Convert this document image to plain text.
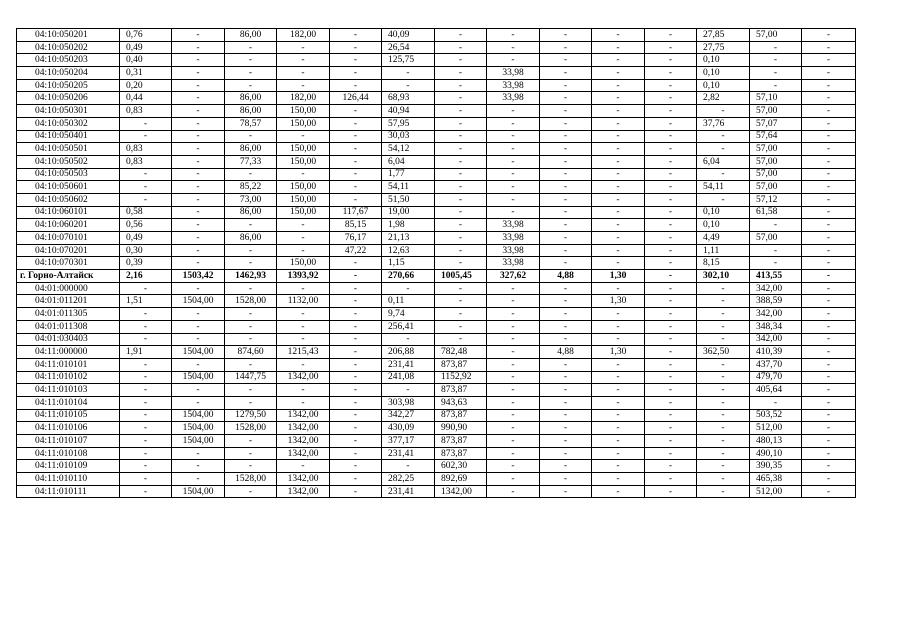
04:10:050201	0,76	-	86,00	182,00	-	40,09	-	-	-	-	-	27,85	57,00	-
04:10:050202	0,49	-	-	-	-	26,54	-	-	-	-	-	27,75	-	-
04:10:050203	0,40	-	-	-	-	125,75	-	-	-	-	-	0,10	-	-
04:10:050204	0,31	-	-	-	-	-	-	33,98	-	-	-	0,10	-	-
04:10:050205	0,20	-	-	-	-	-	-	33,98	-	-	-	0,10	-	-
04:10:050206	0,44	-	86,00	182,00	126,44	68,93	-	33,98	-	-	-	2,82	57,10	-
04:10:050301	0,83	-	86,00	150,00	-	40,94	-	-	-	-	-	-	57,00	-
04:10:050302	-	-	78,57	150,00	-	57,95	-	-	-	-	-	37,76	57,07	-
04:10:050401	-	-	-	-	-	30,03	-	-	-	-	-	-	57,64	-
04:10:050501	0,83	-	86,00	150,00	-	54,12	-	-	-	-	-	-	57,00	-
04:10:050502	0,83	-	77,33	150,00	-	6,04	-	-	-	-	-	6,04	57,00	-
04:10:050503	-	-	-	-	-	1,77	-	-	-	-	-	-	57,00	-
04:10:050601	-	-	85,22	150,00	-	54,11	-	-	-	-	-	54,11	57,00	-
04:10:050602	-	-	73,00	150,00	-	51,50	-	-	-	-	-	-	57,12	-
04:10:060101	0,58	-	86,00	150,00	117,67	19,00	-	-	-	-	-	0,10	61,58	-
04:10:060201	0,56	-	-	-	85,15	1,98	-	33,98	-	-	-	0,10	-	-
04:10:070101	0,49	-	86,00	-	76,17	21,13	-	33,98	-	-	-	4,49	57,00	-
04:10:070201	0,30	-	-	-	47,22	12,63	-	33,98	-	-	-	1,11	-	-
04:10:070301	0,39	-	-	150,00	-	1,15	-	33,98	-	-	-	8,15	-	-
г. Горно-Алтайск	2,16	1503,42	1462,93	1393,92	-	270,66	1005,45	327,62	4,88	1,30	-	302,10	413,55	-
04:01:000000	-	-	-	-	-	-	-	-	-	-	-	-	342,00	-
04:01:011201	1,51	1504,00	1528,00	1132,00	-	0,11	-	-	-	1,30	-	-	388,59	-
04:01:011305	-	-	-	-	-	9,74	-	-	-	-	-	-	342,00	-
04:01:011308	-	-	-	-	-	256,41	-	-	-	-	-	-	348,34	-
04:01:030403	-	-	-	-	-	-	-	-	-	-	-	-	342,00	-
04:11:000000	1,91	1504,00	874,60	1215,43	-	206,88	782,48	-	4,88	1,30	-	362,50	410,39	-
04:11:010101	-	-	-	-	-	231,41	873,87	-	-	-	-	-	437,70	-
04:11:010102	-	1504,00	1447,75	1342,00	-	241,08	1152,92	-	-	-	-	-	479,70	-
04:11:010103	-	-	-	-	-	-	873,87	-	-	-	-	-	405,64	-
04:11:010104	-	-	-	-	-	303,98	943,63	-	-	-	-	-	-	-
04:11:010105	-	1504,00	1279,50	1342,00	-	342,27	873,87	-	-	-	-	-	503,52	-
04:11:010106	-	1504,00	1528,00	1342,00	-	430,09	990,90	-	-	-	-	-	512,00	-
04:11:010107	-	1504,00	-	1342,00	-	377,17	873,87	-	-	-	-	-	480,13	-
04:11:010108	-	-	-	1342,00	-	231,41	873,87	-	-	-	-	-	490,10	-
04:11:010109	-	-	-	-	-	-	602,30	-	-	-	-	-	390,35	-
04:11:010110	-	-	1528,00	1342,00	-	282,25	892,69	-	-	-	-	-	465,38	-
04:11:010111	-	1504,00	-	1342,00	-	231,41	1342,00	-	-	-	-	-	512,00	-
